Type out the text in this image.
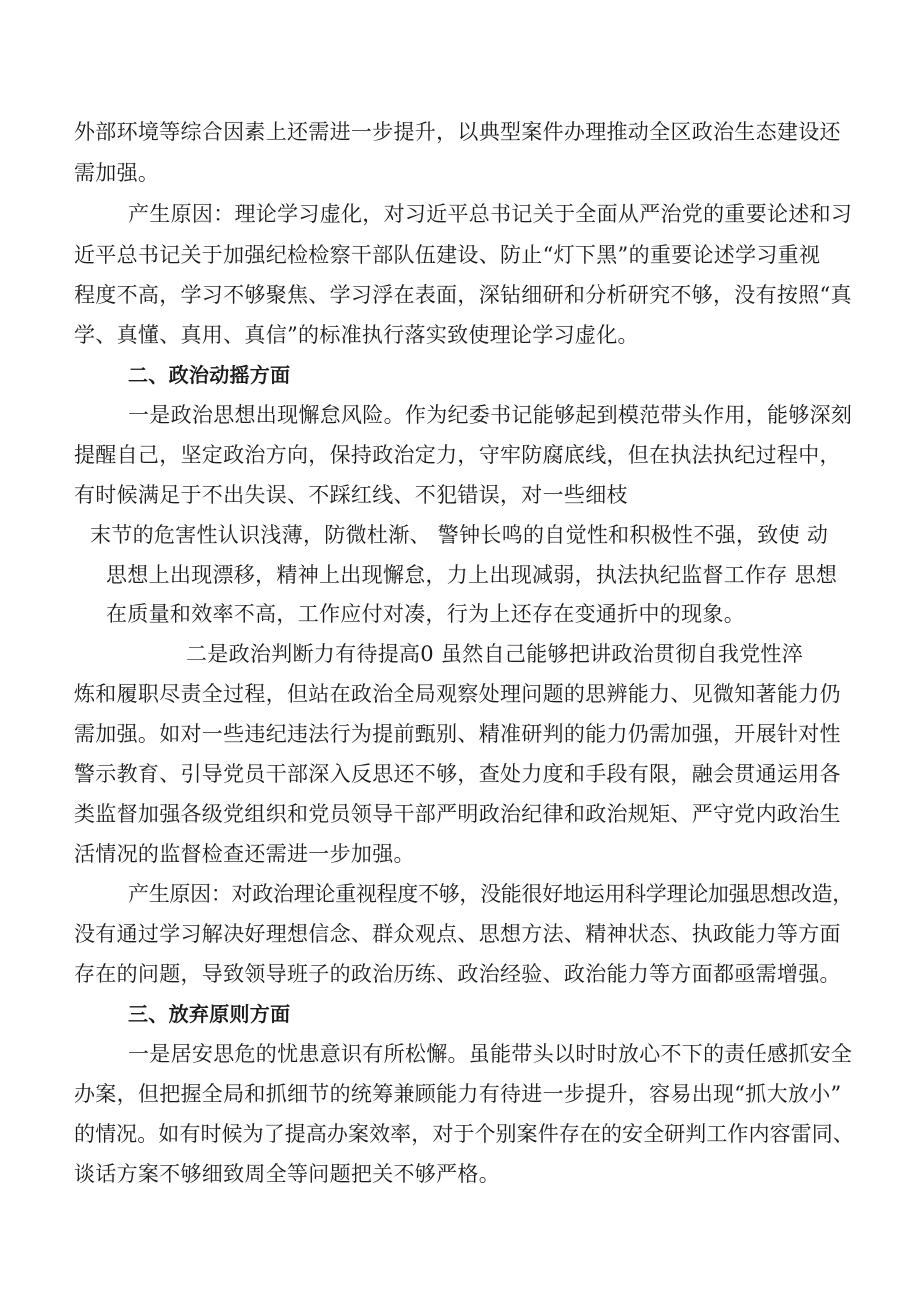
外部环境等综合因素上还需进一步提升，以典型案件办理推动全区政治生态建设还
需加强。
产生原因：理论学习虚化，对习近平总书记关于全面从严治党的重要论述和习
近平总书记关于加强纪检检察干部队伍建设、防止“灯下黑”的重要论述学习重视
程度不高，学习不够聚焦、学习浮在表面，深钻细研和分析研究不够，没有按照“真
学、真懂、真用、真信”的标准执行落实致使理论学习虚化。
二、政治动摇方面
一是政治思想出现懈怠风险。作为纪委书记能够起到模范带头作用，能够深刻
提醒自己，坚定政治方向，保持政治定力，守牢防腐底线，但在执法执纪过程中，
有时候满足于不出失误、不踩红线、不犯错误，对一些细枝
末节的危害性认识浅薄，防微杜渐、 警钟长鸣的自觉性和积极性不强，致使 动
思想上出现漂移，精神上出现懈怠，力上出现减弱，执法执纪监督工作存 思想
在质量和效率不高，工作应付对凑，行为上还存在变通折中的现象。
二是政治判断力有待提高0 虽然自己能够把讲政治贯彻自我党性淬
炼和履职尽责全过程，但站在政治全局观察处理问题的思辨能力、见微知著能力仍
需加强。如对一些违纪违法行为提前甄别、精准研判的能力仍需加强，开展针对性
警示教育、引导党员干部深入反思还不够，查处力度和手段有限，融会贯通运用各
类监督加强各级党组织和党员领导干部严明政治纪律和政治规矩、严守党内政治生
活情况的监督检查还需进一步加强。
产生原因：对政治理论重视程度不够，没能很好地运用科学理论加强思想改造，
没有通过学习解决好理想信念、群众观点、思想方法、精神状态、执政能力等方面
存在的问题，导致领导班子的政治历练、政治经验、政治能力等方面都亟需增强。
三、放弃原则方面
一是居安思危的忧患意识有所松懈。虽能带头以时时放心不下的责任感抓安全
办案，但把握全局和抓细节的统筹兼顾能力有待进一步提升，容易出现“抓大放小”
的情况。如有时候为了提高办案效率，对于个别案件存在的安全研判工作内容雷同、
谈话方案不够细致周全等问题把关不够严格。
